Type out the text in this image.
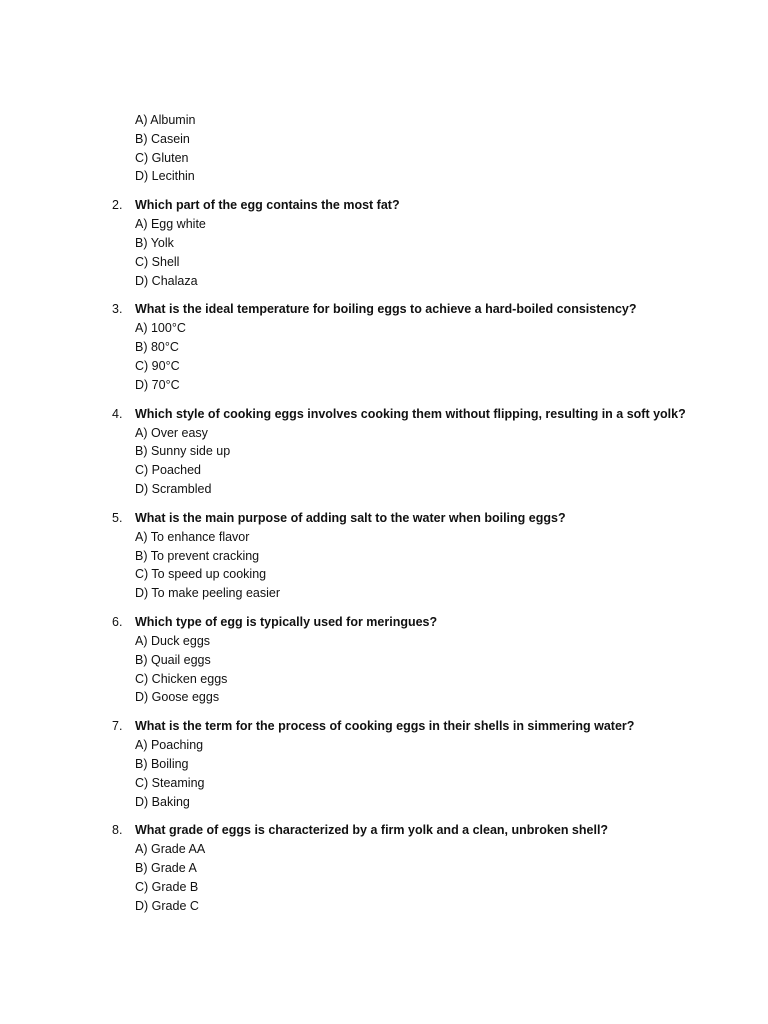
A) Albumin
B) Casein
C) Gluten
D) Lecithin
2.	Which part of the egg contains the most fat?
A) Egg white
B) Yolk
C) Shell
D) Chalaza
3.	What is the ideal temperature for boiling eggs to achieve a hard-boiled consistency?
A) 100°C
B) 80°C
C) 90°C
D) 70°C
4.	Which style of cooking eggs involves cooking them without flipping, resulting in a soft yolk?
A) Over easy
B) Sunny side up
C) Poached
D) Scrambled
5.	What is the main purpose of adding salt to the water when boiling eggs?
A) To enhance flavor
B) To prevent cracking
C) To speed up cooking
D) To make peeling easier
6.	Which type of egg is typically used for meringues?
A) Duck eggs
B) Quail eggs
C) Chicken eggs
D) Goose eggs
7.	What is the term for the process of cooking eggs in their shells in simmering water?
A) Poaching
B) Boiling
C) Steaming
D) Baking
8.	What grade of eggs is characterized by a firm yolk and a clean, unbroken shell?
A) Grade AA
B) Grade A
C) Grade B
D) Grade C
